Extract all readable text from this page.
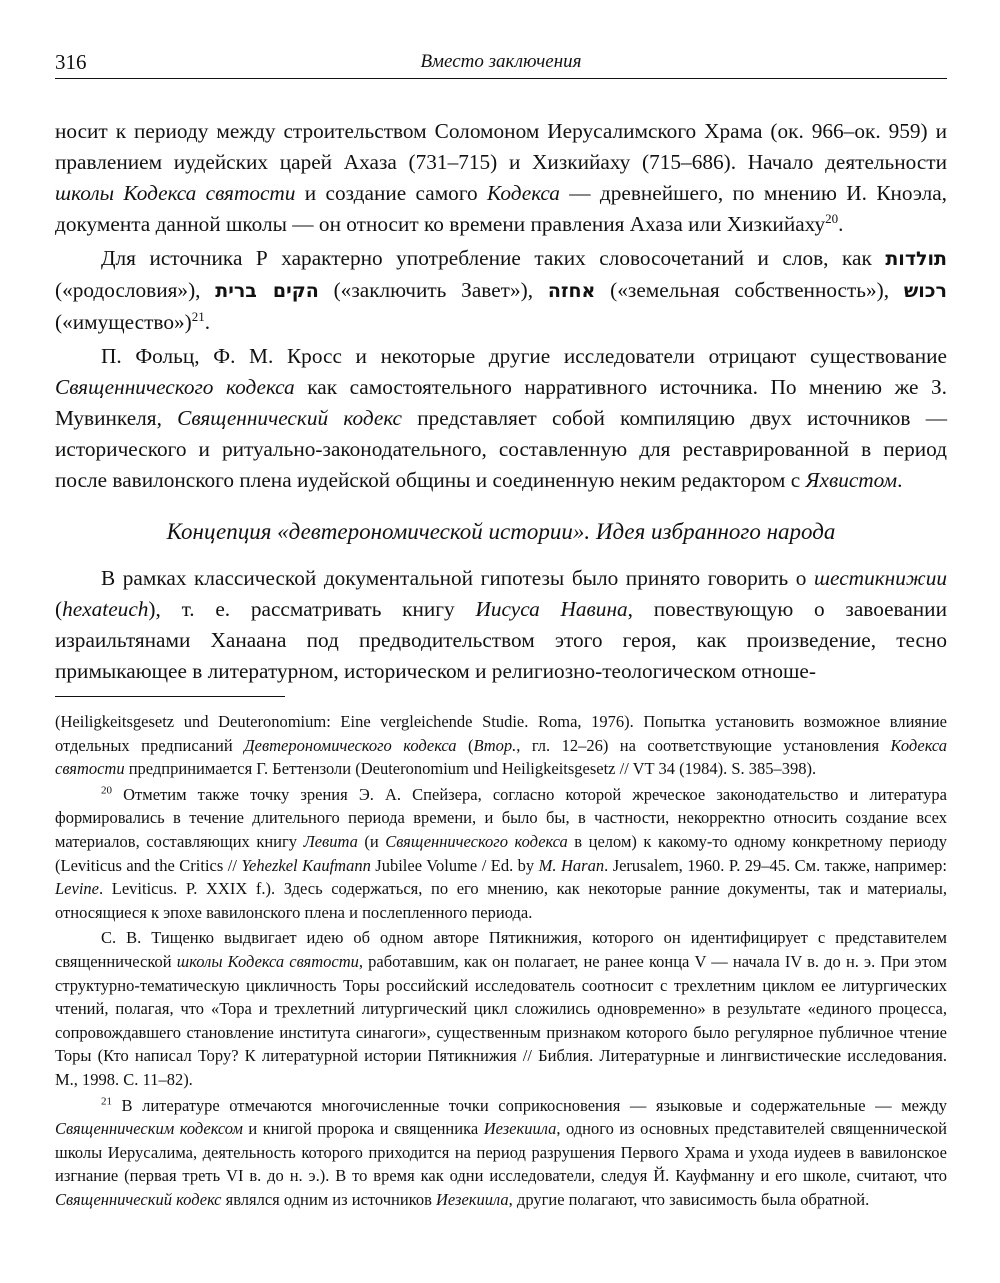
316	Вместо заключения

носит к периоду между строительством Соломоном Иерусалимского Храма (ок. 966–ок. 959) и правлением иудейских царей Ахаза (731–715) и Хизкийаху (715–686). Начало деятельности школы Кодекса святости и создание самого Кодекса — древнейшего, по мнению И. Кноэла, документа данной школы — он относит ко времени правления Ахаза или Хизкийаху$^{20}$.

Для источника Р характерно употребление таких словосочетаний и слов, как תולדות («родословия»), הקים ברית («заключить Завет»), אחזה («земельная собственность»), רכוש («имущество»)$^{21}$.

П. Фольц, Ф. М. Кросс и некоторые другие исследователи отрицают существование Священнического кодекса как самостоятельного нарративного источника. По мнению же З. Мувинкеля, Священнический кодекс представляет собой компиляцию двух источников — исторического и ритуально-законодательного, составленную для реставрированной в период после вавилонского плена иудейской общины и соединенную неким редактором с Яхвистом.

Концепция «девтерономической истории». Идея избранного народа

В рамках классической документальной гипотезы было принято говорить о шестикнижии (hexateuch), т. е. рассматривать книгу Иисуса Навина, повествующую о завоевании израильтянами Ханаана под предводительством этого героя, как произведение, тесно примыкающее в литературном, историческом и религиозно-теологическом отноше-

(Heiligkeitsgesetz und Deuteronomium: Eine vergleichende Studie. Roma, 1976). Попытка установить возможное влияние отдельных предписаний Девтерономического кодекса (Втор., гл. 12–26) на соответствующие установления Кодекса святости предпринимается Г. Беттензоли (Deuteronomium und Heiligkeitsgesetz // VT 34 (1984). S. 385–398).

$^{20}$ Отметим также точку зрения Э. А. Спейзера, согласно которой жреческое законодательство и литература формировались в течение длительного периода времени, и было бы, в частности, некорректно относить создание всех материалов, составляющих книгу Левита (и Священнического кодекса в целом) к какому-то одному конкретному периоду (Leviticus and the Critics // Yehezkel Kaufmann Jubilee Volume / Ed. by M. Haran. Jerusalem, 1960. P. 29–45. См. также, например: Levine. Leviticus. P. XXIX f.). Здесь содержаться, по его мнению, как некоторые ранние документы, так и материалы, относящиеся к эпохе вавилонского плена и послепленного периода.

С. В. Тищенко выдвигает идею об одном авторе Пятикнижия, которого он идентифицирует с представителем священнической школы Кодекса святости, работавшим, как он полагает, не ранее конца V — начала IV в. до н. э. При этом структурно-тематическую цикличность Торы российский исследователь соотносит с трехлетним циклом ее литургических чтений, полагая, что «Тора и трехлетний литургический цикл сложились одновременно» в результате «единого процесса, сопровождавшего становление института синагоги», существенным признаком которого было регулярное публичное чтение Торы (Кто написал Тору? К литературной истории Пятикнижия // Библия. Литературные и лингвистические исследования. М., 1998. С. 11–82).

$^{21}$ В литературе отмечаются многочисленные точки соприкосновения — языковые и содержательные — между Священническим кодексом и книгой пророка и священника Иезекиила, одного из основных представителей священнической школы Иерусалима, деятельность которого приходится на период разрушения Первого Храма и ухода иудеев в вавилонское изгнание (первая треть VI в. до н. э.). В то время как одни исследователи, следуя Й. Кауфманну и его школе, считают, что Священнический кодекс являлся одним из источников Иезекиила, другие полагают, что зависимость была обратной.
